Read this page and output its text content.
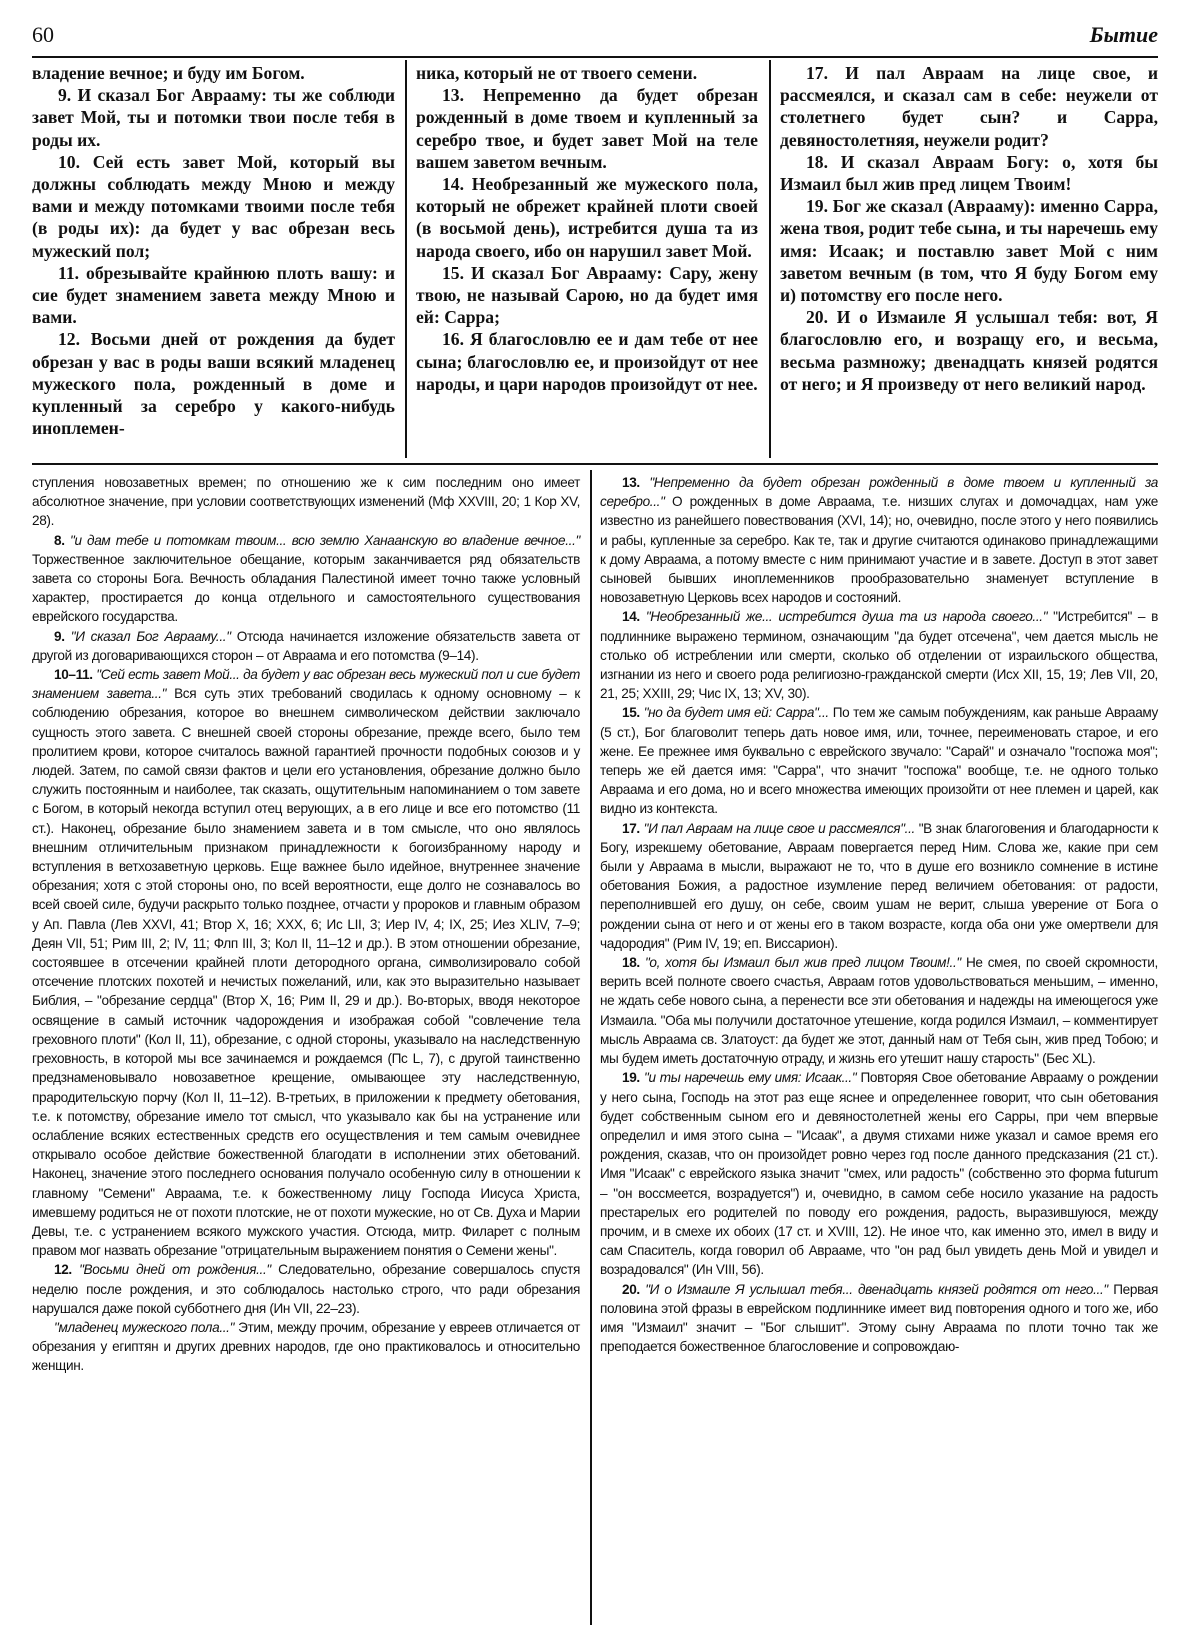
60	Бытие

владение вечное; и буду им Богом.

9. И сказал Бог Аврааму: ты же соблюди завет Мой, ты и потомки твои после тебя в роды их.

10. Сей есть завет Мой, который вы должны соблюдать между Мною и между вами и между потомками твоими после тебя (в роды их): да будет у вас обрезан весь мужеский пол;

11. обрезывайте крайнюю плоть вашу: и сие будет знамением завета между Мною и вами.

12. Восьми дней от рождения да будет обрезан у вас в роды ваши всякий младенец мужеского пола, рожденный в доме и купленный за серебро у какого-нибудь иноплемен-

ника, который не от твоего семени.

13. Непременно да будет обрезан рожденный в доме твоем и купленный за серебро твое, и будет завет Мой на теле вашем заветом вечным.

14. Необрезанный же мужеского пола, который не обрежет крайней плоти своей (в восьмой день), истребится душа та из народа своего, ибо он нарушил завет Мой.

15. И сказал Бог Аврааму: Сару, жену твою, не называй Сарою, но да будет имя ей: Сарра;

16. Я благословлю ее и дам тебе от нее сына; благословлю ее, и произойдут от нее народы, и цари народов произойдут от нее.

17. И пал Авраам на лице свое, и рассмеялся, и сказал сам в себе: неужели от столетнего будет сын? и Сарра, девяностолетняя, неужели родит?

18. И сказал Авраам Богу: о, хотя бы Измаил был жив пред лицем Твоим!

19. Бог же сказал (Аврааму): именно Сарра, жена твоя, родит тебе сына, и ты наречешь ему имя: Исаак; и поставлю завет Мой с ним заветом вечным (в том, что Я буду Богом ему и) потомству его после него.

20. И о Измаиле Я услышал тебя: вот, Я благословлю его, и возращу его, и весьма, весьма размножу; двенадцать князей родятся от него; и Я произведу от него великий народ.

ступления новозаветных времен; по отношению же к сим последним оно имеет абсолютное значение, при условии соответствующих изменений (Мф XXVIII, 20; 1 Кор XV, 28).

8. "и дам тебе и потомкам твоим... всю землю Ханаанскую во владение вечное..." Торжественное заключительное обещание, которым заканчивается ряд обязательств завета со стороны Бога. Вечность обладания Палестиной имеет точно также условный характер, простирается до конца отдельного и самостоятельного существования еврейского государства.

9. "И сказал Бог Аврааму..." Отсюда начинается изложение обязательств завета от другой из договаривающихся сторон – от Авраама и его потомства (9–14).

10–11. "Сей есть завет Мой... да будет у вас обрезан весь мужеский пол и сие будет знамением завета..." Вся суть этих требований сводилась к одному основному – к соблюдению обрезания, которое во внешнем символическом действии заключало сущность этого завета. С внешней своей стороны обрезание, прежде всего, было тем пролитием крови, которое считалось важной гарантией прочности подобных союзов и у людей. Затем, по самой связи фактов и цели его установления, обрезание должно было служить постоянным и наиболее, так сказать, ощутительным напоминанием о том завете с Богом, в который некогда вступил отец верующих, а в его лице и все его потомство (11 ст.). Наконец, обрезание было знамением завета и в том смысле, что оно являлось внешним отличительным признаком принадлежности к богоизбранному народу и вступления в ветхозаветную церковь. Еще важнее было идейное, внутреннее значение обрезания; хотя с этой стороны оно, по всей вероятности, еще долго не сознавалось во всей своей силе, будучи раскрыто только позднее, отчасти у пророков и главным образом у Ап. Павла (Лев XXVI, 41; Втор X, 16; XXX, 6; Ис LII, 3; Иер IV, 4; IX, 25; Иез XLIV, 7–9; Деян VII, 51; Рим III, 2; IV, 11; Флп III, 3; Кол II, 11–12 и др.). В этом отношении обрезание, состоявшее в отсечении крайней плоти детородного органа, символизировало собой отсечение плотских похотей и нечистых пожеланий, или, как это выразительно называет Библия, – "обрезание сердца" (Втор X, 16; Рим II, 29 и др.). Во-вторых, вводя некоторое освящение в самый источник чадорождения и изображая собой "совлечение тела греховного плоти" (Кол II, 11), обрезание, с одной стороны, указывало на наследственную греховность, в которой мы все зачинаемся и рождаемся (Пс L, 7), с другой таинственно предзнаменовывало новозаветное крещение, омывающее эту наследственную, прародительскую порчу (Кол II, 11–12). В-третьих, в приложении к предмету обетования, т.е. к потомству, обрезание имело тот смысл, что указывало как бы на устранение или ослабление всяких естественных средств его осуществления и тем самым очевиднее открывало особое действие божественной благодати в исполнении этих обетований. Наконец, значение этого последнего основания получало особенную силу в отношении к главному "Семени" Авраама, т.е. к божественному лицу Господа Иисуса Христа, имевшему родиться не от похоти плотские, не от похоти мужеские, но от Св. Духа и Марии Девы, т.е. с устранением всякого мужского участия. Отсюда, митр. Филарет с полным правом мог назвать обрезание "отрицательным выражением понятия о Семени жены".

12. "Восьми дней от рождения..." Следовательно, обрезание совершалось спустя неделю после рождения, и это соблюдалось настолько строго, что ради обрезания нарушался даже покой субботнего дня (Ин VII, 22–23).

"младенец мужеского пола..." Этим, между прочим, обрезание у евреев отличается от обрезания у египтян и других древних народов, где оно практиковалось и относительно женщин.

13. "Непременно да будет обрезан рожденный в доме твоем и купленный за серебро..." О рожденных в доме Авраама, т.е. низших слугах и домочадцах, нам уже известно из ранейшего повествования (XVI, 14); но, очевидно, после этого у него появились и рабы, купленные за серебро. Как те, так и другие считаются одинаково принадлежащими к дому Авраама, а потому вместе с ним принимают участие и в завете. Доступ в этот завет сыновей бывших иноплеменников прообразовательно знаменует вступление в новозаветную Церковь всех народов и состояний.

14. "Необрезанный же... истребится душа та из народа своего..." "Истребится" – в подлиннике выражено термином, означающим "да будет отсечена", чем дается мысль не столько об истреблении или смерти, сколько об отделении от израильского общества, изгнании из него и своего рода религиозно-гражданской смерти (Исх XII, 15, 19; Лев VII, 20, 21, 25; XXIII, 29; Чис IX, 13; XV, 30).

15. "но да будет имя ей: Сарра"... По тем же самым побуждениям, как раньше Аврааму (5 ст.), Бог благоволит теперь дать новое имя, или, точнее, переименовать старое, и его жене. Ее прежнее имя буквально с еврейского звучало: "Сарай" и означало "госпожа моя"; теперь же ей дается имя: "Сарра", что значит "госпожа" вообще, т.е. не одного только Авраама и его дома, но и всего множества имеющих произойти от нее племен и царей, как видно из контекста.

17. "И пал Авраам на лице свое и рассмеялся"... "В знак благоговения и благодарности к Богу, изрекшему обетование, Авраам повергается перед Ним. Слова же, какие при сем были у Авраама в мысли, выражают не то, что в душе его возникло сомнение в истине обетования Божия, а радостное изумление перед величием обетования: от радости, переполнившей его душу, он себе, своим ушам не верит, слыша уверение от Бога о рождении сына от него и от жены его в таком возрасте, когда оба они уже омертвели для чадородия" (Рим IV, 19; еп. Виссарион).

18. "о, хотя бы Измаил был жив пред лицом Твоим!.." Не смея, по своей скромности, верить всей полноте своего счастья, Авраам готов удовольствоваться меньшим, – именно, не ждать себе нового сына, а перенести все эти обетования и надежды на имеющегося уже Измаила. "Оба мы получили достаточное утешение, когда родился Измаил, – комментирует мысль Авраама св. Златоуст: да будет же этот, данный нам от Тебя сын, жив пред Тобою; и мы будем иметь достаточную отраду, и жизнь его утешит нашу старость" (Бес XL).

19. "и ты наречешь ему имя: Исаак..." Повторяя Свое обетование Аврааму о рождении у него сына, Господь на этот раз еще яснее и определеннее говорит, что сын обетования будет собственным сыном его и девяностолетней жены его Сарры, при чем впервые определил и имя этого сына – "Исаак", а двумя стихами ниже указал и самое время его рождения, сказав, что он произойдет ровно через год после данного предсказания (21 ст.). Имя "Исаак" с еврейского языка значит "смех, или радость" (собственно это форма futurum – "он восcмеется, возрадуется") и, очевидно, в самом себе носило указание на радость престарелых его родителей по поводу его рождения, радость, выразившуюся, между прочим, и в смехе их обоих (17 ст. и XVIII, 12). Не иное что, как именно это, имел в виду и сам Спаситель, когда говорил об Аврааме, что "он рад был увидеть день Мой и увидел и возрадовался" (Ин VIII, 56).

20. "И о Измаиле Я услышал тебя... двенадцать князей родятся от него..." Первая половина этой фразы в еврейском подлиннике имеет вид повторения одного и того же, ибо имя "Измаил" значит – "Бог слышит". Этому сыну Авраама по плоти точно так же преподается божественное благословение и сопровождаю-
